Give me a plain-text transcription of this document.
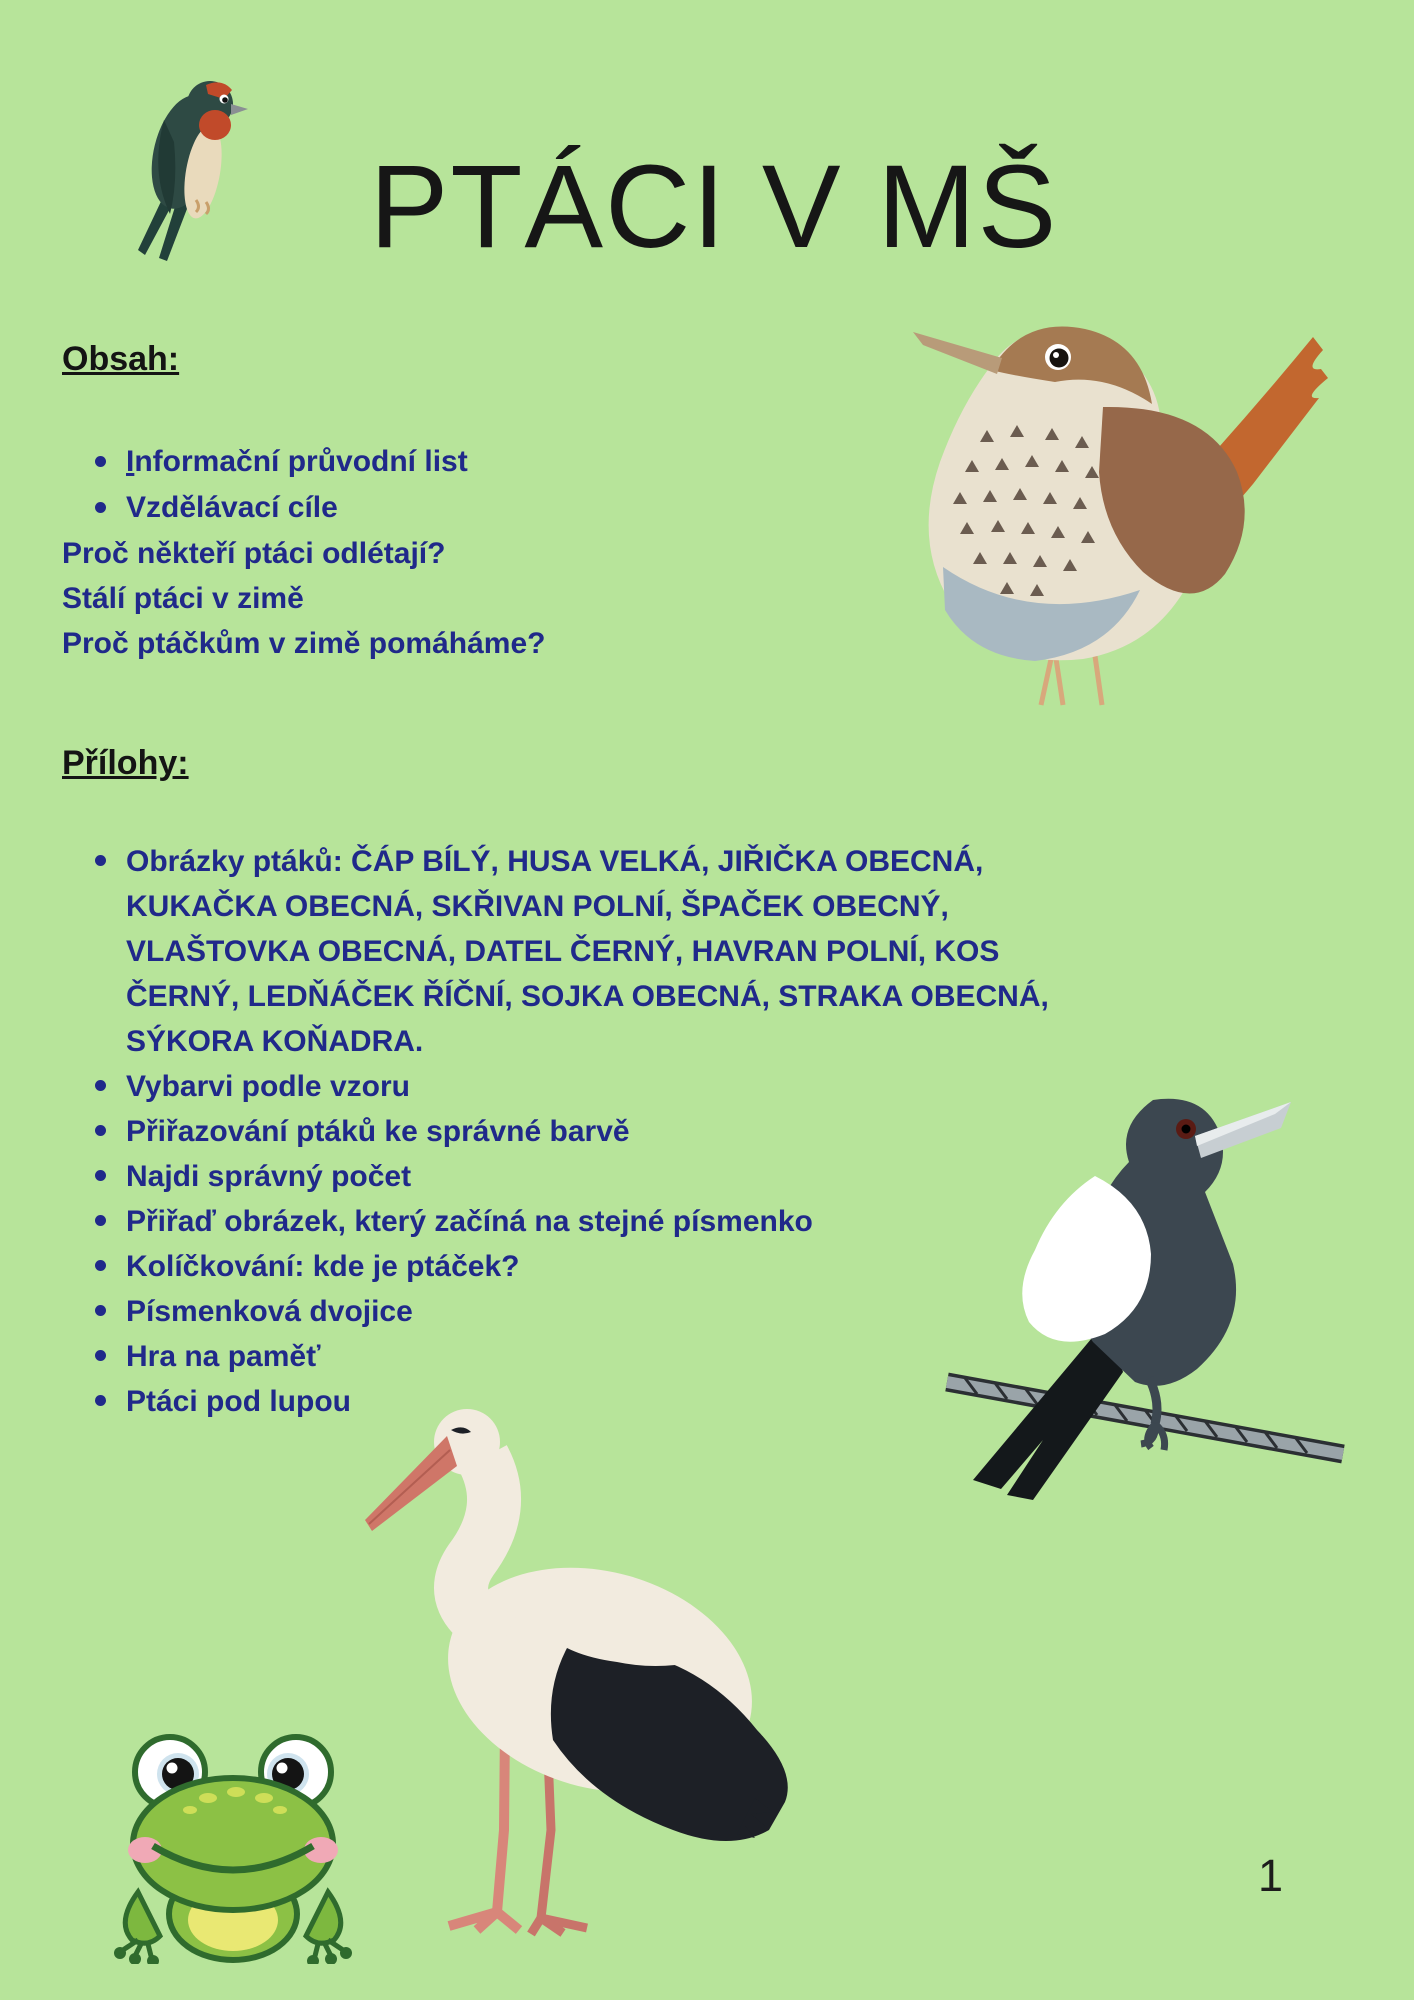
PTÁCI V MŠ
Obsah:
Informační průvodní list
Vzdělávací cíle

Proč někteří ptáci odlétají?

Stálí ptáci v zimě

Proč ptáčkům v zimě pomáháme?

Přílohy:
Obrázky ptáků: ČÁP BÍLÝ, HUSA VELKÁ, JIŘIČKA OBECNÁ, KUKAČKA OBECNÁ, SKŘIVAN POLNÍ, ŠPAČEK OBECNÝ, VLAŠTOVKA OBECNÁ, DATEL ČERNÝ, HAVRAN POLNÍ, KOS ČERNÝ, LEDŇÁČEK ŘÍČNÍ, SOJKA OBECNÁ, STRAKA OBECNÁ, SÝKORA KOŇADRA.
Vybarvi podle vzoru
Přiřazování ptáků ke správné barvě
Najdi správný počet
Přiřaď obrázek, který začíná na stejné písmenko
Kolíčkování: kde je ptáček?
Písmenková dvojice
Hra na paměť
Ptáci pod lupou
1
